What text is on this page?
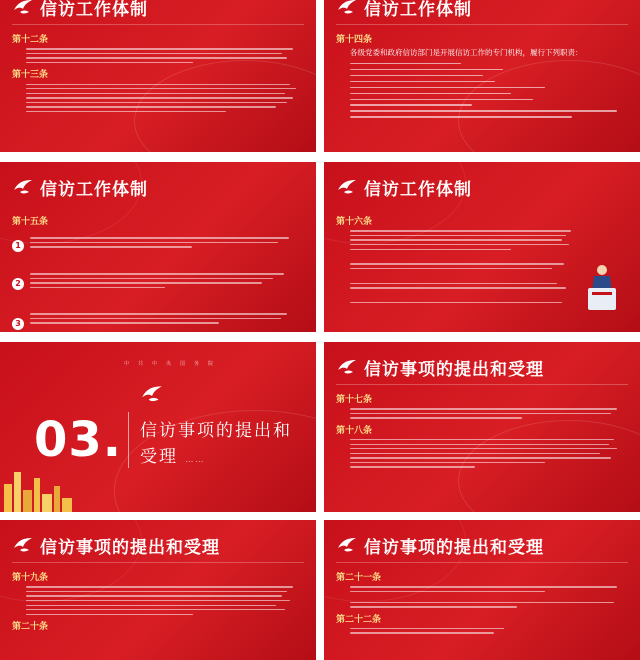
信访工作体制
第十二条
第十三条
信访工作体制
第十四条
各级党委和政府信访部门是开展信访工作的专门机构，履行下列职责：
信访工作体制
第十五条
1
2
3
信访工作体制
第十六条
中共中央国务院
03. 信访事项的提出和受理 ……
信访事项的提出和受理
第十七条
第十八条
信访事项的提出和受理
第十九条
第二十条
信访事项的提出和受理
第二十一条
第二十二条
